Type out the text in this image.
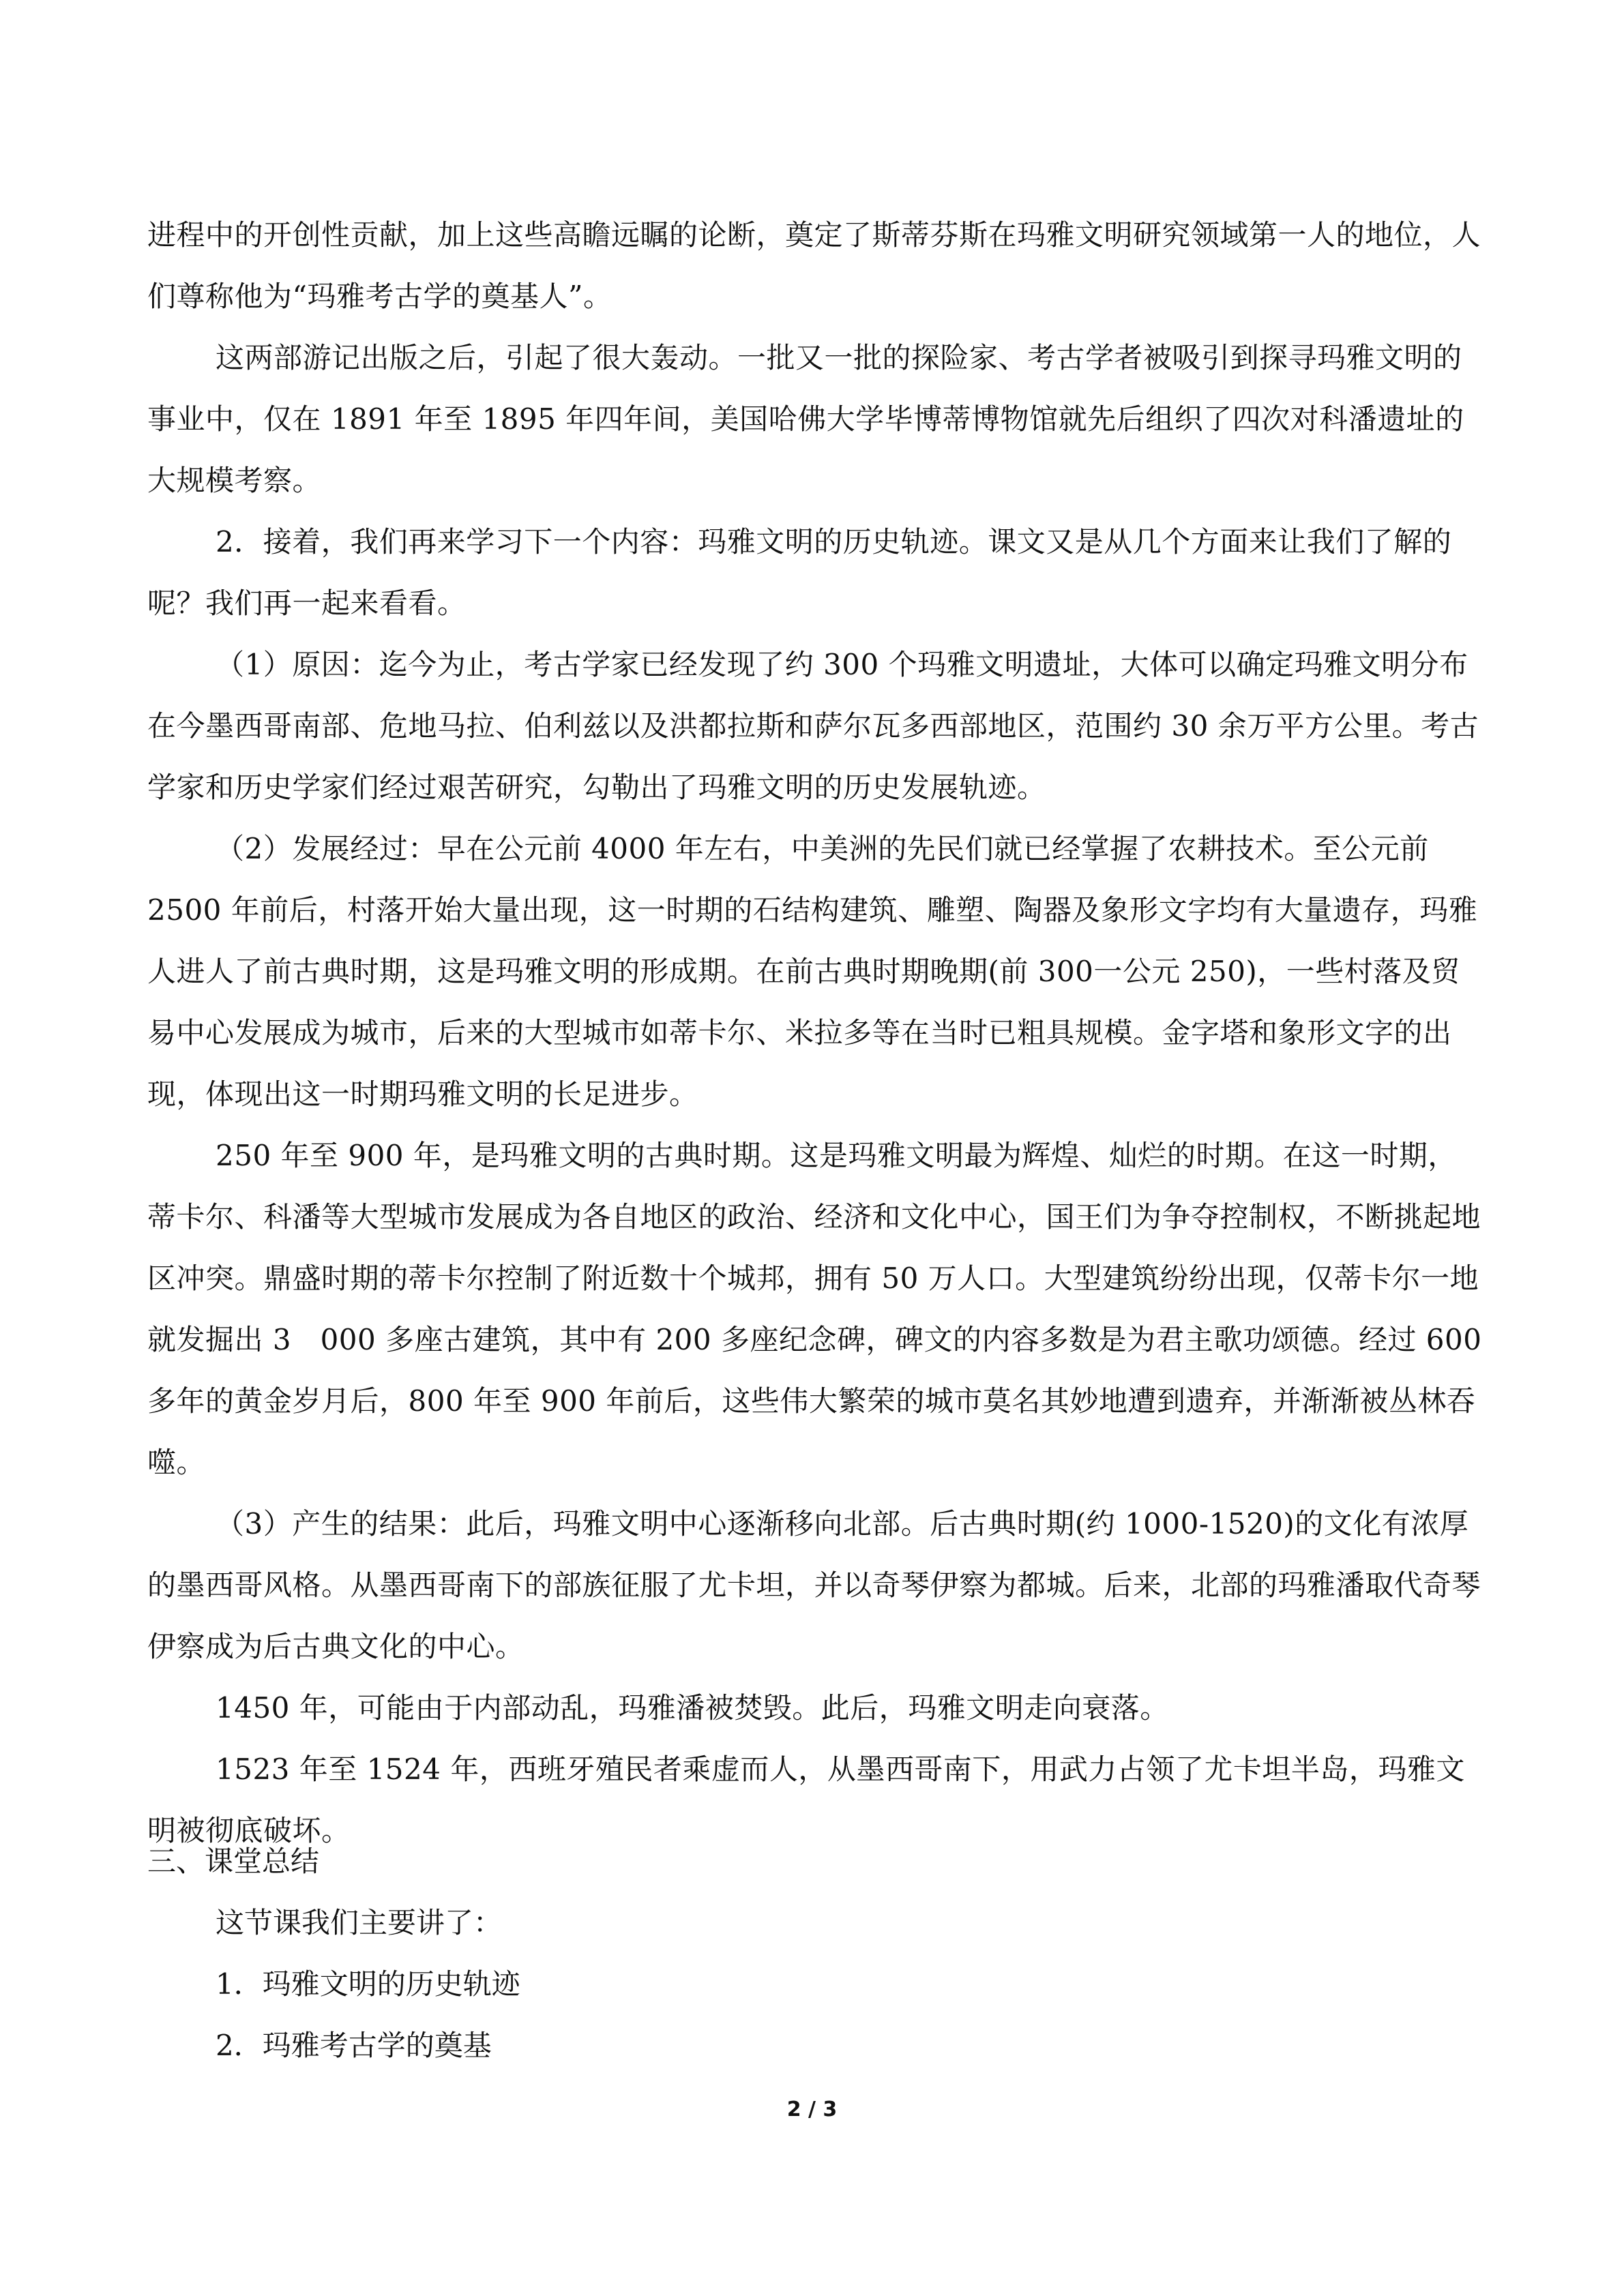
进程中的开创性贡献，加上这些高瞻远瞩的论断，奠定了斯蒂芬斯在玛雅文明研究领域第一人的地位，人们尊称他为“玛雅考古学的奠基人”。

这两部游记出版之后，引起了很大轰动。一批又一批的探险家、考古学者被吸引到探寻玛雅文明的事业中，仅在 1891 年至 1895 年四年间，美国哈佛大学毕博蒂博物馆就先后组织了四次对科潘遗址的大规模考察。

2．接着，我们再来学习下一个内容：玛雅文明的历史轨迹。课文又是从几个方面来让我们了解的呢？我们再一起来看看。

（1）原因：迄今为止，考古学家已经发现了约 300 个玛雅文明遗址，大体可以确定玛雅文明分布在今墨西哥南部、危地马拉、伯利兹以及洪都拉斯和萨尔瓦多西部地区，范围约 30 余万平方公里。考古学家和历史学家们经过艰苦研究，勾勒出了玛雅文明的历史发展轨迹。

（2）发展经过：早在公元前 4000 年左右，中美洲的先民们就已经掌握了农耕技术。至公元前 2500 年前后，村落开始大量出现，这一时期的石结构建筑、雕塑、陶器及象形文字均有大量遗存，玛雅人进人了前古典时期，这是玛雅文明的形成期。在前古典时期晚期(前 300一公元 250)，一些村落及贸易中心发展成为城市，后来的大型城市如蒂卡尔、米拉多等在当时已粗具规模。金字塔和象形文字的出现，体现出这一时期玛雅文明的长足进步。

250 年至 900 年，是玛雅文明的古典时期。这是玛雅文明最为辉煌、灿烂的时期。在这一时期，蒂卡尔、科潘等大型城市发展成为各自地区的政治、经济和文化中心，国王们为争夺控制权，不断挑起地区冲突。鼎盛时期的蒂卡尔控制了附近数十个城邦，拥有 50 万人口。大型建筑纷纷出现，仅蒂卡尔一地就发掘出 3　000 多座古建筑，其中有 200 多座纪念碑，碑文的内容多数是为君主歌功颂德。经过 600 多年的黄金岁月后，800 年至 900 年前后，这些伟大繁荣的城市莫名其妙地遭到遗弃，并渐渐被丛林吞噬。

（3）产生的结果：此后，玛雅文明中心逐渐移向北部。后古典时期(约 1000-1520)的文化有浓厚的墨西哥风格。从墨西哥南下的部族征服了尤卡坦，并以奇琴伊察为都城。后来，北部的玛雅潘取代奇琴伊察成为后古典文化的中心。

1450 年，可能由于内部动乱，玛雅潘被焚毁。此后，玛雅文明走向衰落。

1523 年至 1524 年，西班牙殖民者乘虚而人，从墨西哥南下，用武力占领了尤卡坦半岛，玛雅文明被彻底破坏。

三、课堂总结

这节课我们主要讲了：

1．玛雅文明的历史轨迹

2．玛雅考古学的奠基

2 / 3
